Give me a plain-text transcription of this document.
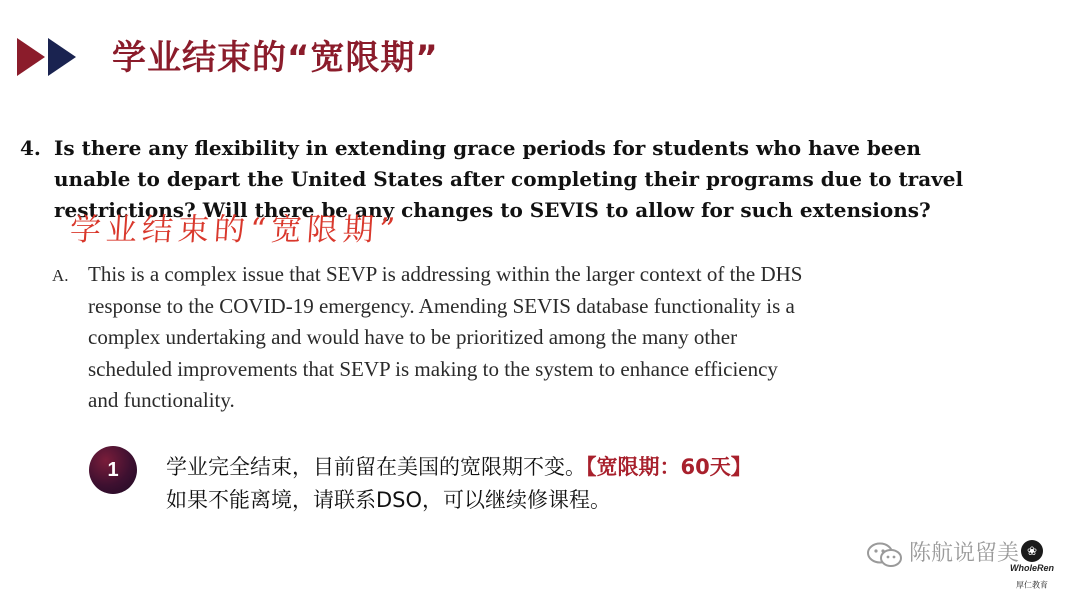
学业结束的“宽限期”
4. Is there any flexibility in extending grace periods for students who have been
unable to depart the United States after completing their programs due to travel
restrictions? Will there be any changes to SEVIS to allow for such extensions?

学业结束的“宽限期”

A. This is a complex issue that SEVP is addressing within the larger context of the DHS
response to the COVID-19 emergency. Amending SEVIS database functionality is a
complex undertaking and would have to be prioritized among the many other
scheduled improvements that SEVP is making to the system to enhance efficiency
and functionality.
1	学业完全结束，目前留在美国的宽限期不变。【宽限期：60天】
如果不能离境，请联系DSO，可以继续修课程。
陈航说留美 ❀
WholeRen
厚仁教育
